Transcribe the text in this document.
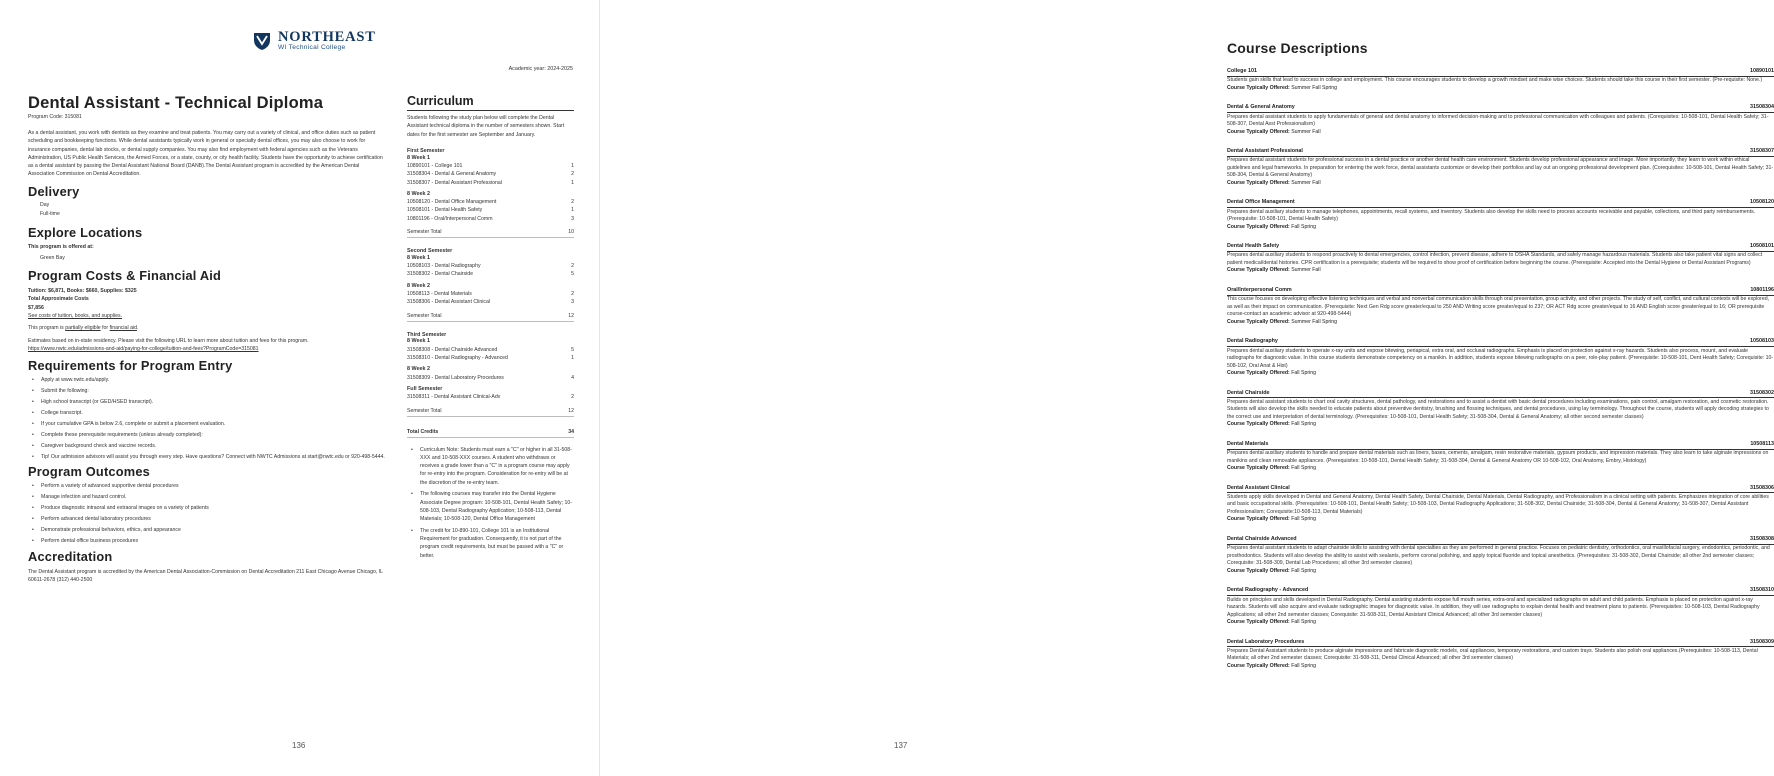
NORTHEAST
WI Technical College
Academic year: 2024-2025
Dental Assistant - Technical Diploma
Program Code: 315081
As a dental assistant, you work with dentists as they examine and treat patients. You may carry out a variety of clinical, and office duties such as patient scheduling and bookkeeping functions. While dental assistants typically work in general or specialty dental offices, you may also choose to work for insurance companies, dental lab stocks, or dental supply companies. You may also find employment with federal agencies such as the Veterans Administration, US Public Health Services, the Armed Forces, or a state, county, or city health facility. Students have the opportunity to achieve certification as a dental assistant by passing the Dental Assistant National Board (DANB).The Dental Assistant program is accredited by the American Dental Association Commission on Dental Accreditation.
Delivery
Day
Full-time
Explore Locations
This program is offered at:
Green Bay
Program Costs & Financial Aid
Tuition: $6,871, Books: $660, Supplies: $325
Total Approximate Costs
$7,856
See costs of tuition, books, and supplies.
This program is partially eligible for financial aid.
Estimates based on in-state residency. Please visit the following URL to learn more about tuition and fees for this program.
https://www.nwtc.edu/admissions-and-aid/paying-for-college/tuition-and-fees?ProgramCode=315081
Requirements for Program Entry
• Apply at www.nwtc.edu/apply.
• Submit the following:
• High school transcript (or GED/HSED transcript).
• College transcript.
• If your cumulative GPA is below 2.6, complete or submit a placement evaluation.
• Complete these prerequisite requirements (unless already completed):
• Caregiver background check and vaccine records.
• Tip! Our admission advisors will assist you through every step. Have questions? Connect with NWTC Admissions at start@nwtc.edu or 920-498-5444.
Program Outcomes
• Perform a variety of advanced supportive dental procedures
• Manage infection and hazard control.
• Produce diagnostic intraoral and extraoral images on a variety of patients
• Perform advanced dental laboratory procedures
• Demonstrate professional behaviors, ethics, and appearance
• Perform dental office business procedures
Accreditation
The Dental Assistant program is accredited by the American Dental Association-Commission on Dental Accreditation 211 East Chicago Avenue Chicago, IL 60611-2678 (312) 440-2500
Curriculum
Students following the study plan below will complete the Dental Assistant technical diploma in the number of semesters shown. Start dates for the first semester are September and January.
First Semester
8 Week 1
10890101 - College 101	1
31508304 - Dental & General Anatomy	2
31508307 - Dental Assistant Professional	1
8 Week 2
10508120 - Dental Office Management	2
10508101 - Dental Health Safety	1
10801196 - Oral/Interpersonal Comm	3
Semester Total	10
Second Semester
8 Week 1
10508103 - Dental Radiography	2
31508302 - Dental Chairside	5
8 Week 2
10508113 - Dental Materials	2
31508306 - Dental Assistant Clinical	3
Semester Total	12
Third Semester
8 Week 1
31508308 - Dental Chairside Advanced	5
31508310 - Dental Radiography - Advanced	1
8 Week 2
31508309 - Dental Laboratory Procedures	4
Full Semester
31508311 - Dental Assistant Clinical-Adv	2
Semester Total	12
Total Credits	34
• Curriculum Note: Students must earn a "C" or higher in all 31-508-XXX and 10-508-XXX courses. A student who withdraws or receives a grade lower than a "C" in a program course may apply for re-entry into the program. Consideration for re-entry will be at the discretion of the re-entry team.
• The following courses may transfer into the Dental Hygiene Associate Degree program: 10-508-101, Dental Health Safety; 10-508-103, Dental Radiography Application; 10-508-113, Dental Materials; 10-508-120, Dental Office Management
• The credit for 10-890-101, College 101 is an Institutional Requirement for graduation. Consequently, it is not part of the program credit requirements, but must be passed with a "C" or better.
136
Course Descriptions
College 101	10890101
Students gain skills that lead to success in college and employment. This course encourages students to develop a growth mindset and make wise choices. Students should take this course in their first semester. (Pre-requisite: None.)
Course Typically Offered: Summer Fall Spring
Dental & General Anatomy	31508304
Prepares dental assistant students to apply fundamentals of general and dental anatomy to informed decision-making and to professional communication with colleagues and patients. (Corequisites: 10-508-101, Dental Health Safety; 31-508-307, Dental Asst Professionalism)
Course Typically Offered: Summer Fall
Dental Assistant Professional	31508307
Prepares dental assistant students for professional success in a dental practice or another dental health care environment. Students develop professional appearance and image. More importantly, they learn to work within ethical guidelines and legal frameworks. In preparation for entering the work force, dental assistants customize or develop their portfolios and lay out an ongoing professional development plan. (Corequisites: 10-508-101, Dental Health Safety; 31-508-304, Dental & General Anatomy)
Course Typically Offered: Summer Fall
Dental Office Management	10508120
Prepares dental auxiliary students to manage telephones, appointments, recall systems, and inventory. Students also develop the skills need to process accounts receivable and payable, collections, and third party reimbursements. (Prerequisite: 10-508-101, Dental Health Safety)
Course Typically Offered: Fall Spring
Dental Health Safety	10508101
Prepares dental auxiliary students to respond proactively to dental emergencies, control infection, prevent disease, adhere to OSHA Standards, and safely manage hazardous materials. Students also take patient vital signs and collect patient medical/dental histories. CPR certification is a prerequisite; students will be required to show proof of certification before beginning the course. (Prerequisite: Accepted into the Dental Hygiene or Dental Assistant Programs)
Course Typically Offered: Summer Fall
Oral/Interpersonal Comm	10801196
This course focuses on developing effective listening techniques and verbal and nonverbal communication skills through oral presentation, group activity, and other projects. The study of self, conflict, and cultural contexts will be explored, as well as their impact on communication. (Prerequisite: Next Gen Rdg score greater/equal to 250 AND Writing score greater/equal to 237; OR ACT Rdg score greater/equal to 16 AND English score greater/equal to 16; OR prerequisite course-contact an academic advisor at 920-498-5444)
Course Typically Offered: Summer Fall Spring
Dental Radiography	10508103
Prepares dental auxiliary students to operate x-ray units and expose bitewing, periapical, extra oral, and occlusal radiographs. Emphasis is placed on protection against x-ray hazards. Students also process, mount, and evaluate radiographs for diagnostic value. In this course students demonstrate competency on a manikin. In addition, students expose bitewing radiographs on a peer, role-play patient. (Prerequisite: 10-508-101, Dent Health Safety; Corequisite: 10-508-102, Oral Anat & Hist)
Course Typically Offered: Fall Spring
Dental Chairside	31508302
Prepares dental assistant students to chart oral cavity structures, dental pathology, and restorations and to assist a dentist with basic dental procedures including examinations, pain control, amalgam restoration, and cosmetic restoration. Students will also develop the skills needed to educate patients about preventive dentistry, brushing and flossing techniques, and dental procedures, using lay terminology. Throughout the course, students will apply decoding strategies to the correct use and interpretation of dental terminology. (Prerequisites: 10-508-101, Dental Health Safety; 31-508-304, Dental & General Anatomy; all other second semester classes)
Course Typically Offered: Fall Spring
Dental Materials	10508113
Prepares dental auxiliary students to handle and prepare dental materials such as liners, bases, cements, amalgam, resin restorative materials, gypsum products, and impression materials. They also learn to take alginate impressions on manikins and clean removable appliances. (Prerequisites: 10-508-101, Dental Health Safety; 31-508-304, Dental & General Anatomy OR 10-508-102, Oral Anatomy, Embry, Histology)
Course Typically Offered: Fall Spring
Dental Assistant Clinical	31508306
Students apply skills developed in Dental and General Anatomy, Dental Health Safety, Dental Chairside, Dental Materials, Dental Radiography, and Professionalism in a clinical setting with patients. Emphasizes integration of core abilities and basic occupational skills. (Prerequisites: 10-508-101, Dental Health Safety; 10-508-103, Dental Radiography Applications; 31-508-302, Dental Chairside; 31-508-304, Dental & General Anatomy; 31-508-307, Dental Assistant Professionalism; Corequisite:10-508-113, Dental Materials)
Course Typically Offered: Fall Spring
Dental Chairside Advanced	31508308
Prepares dental assistant students to adapt chairside skills to assisting with dental specialties as they are performed in general practice. Focuses on pediatric dentistry, orthodontics, oral maxillofacial surgery, endodontics, periodontic, and prosthodontics. Students will also develop the ability to assist with sealants, perform coronal polishing, and apply topical fluoride and topical anesthetics. (Prerequisites: 31-508-302, Dental Chairside; all other 2nd semester classes; Corequisite: 31-508-309, Dental Lab Procedures; all other 3rd semester classes)
Course Typically Offered: Fall Spring
Dental Radiography - Advanced	31508310
Builds on principles and skills developed in Dental Radiography. Dental assisting students expose full mouth series, extra-oral and specialized radiographs on adult and child patients. Emphasis is placed on protection against x-ray hazards. Students will also acquire and evaluate radiographic images for diagnostic value. In addition, they will use radiographs to explain dental health and treatment plans to patients. (Prerequisites: 10-508-103, Dental Radiography Applications; all other 2nd semester classes; Corequisite: 31-508-311, Dental Assistant Clinical Advanced; all other 3rd semester classes)
Course Typically Offered: Fall Spring
Dental Laboratory Procedures	31508309
Prepares Dental Assistant students to produce alginate impressions and fabricate diagnostic models, oral appliances, temporary restorations, and custom trays. Students also polish oral appliances.(Prerequisites: 10-508-113, Dental Materials; all other 2nd semester classes; Corequisite: 31-508-311, Dental Clinical Advanced; all other 3rd semester classes)
Course Typically Offered: Fall Spring
137
